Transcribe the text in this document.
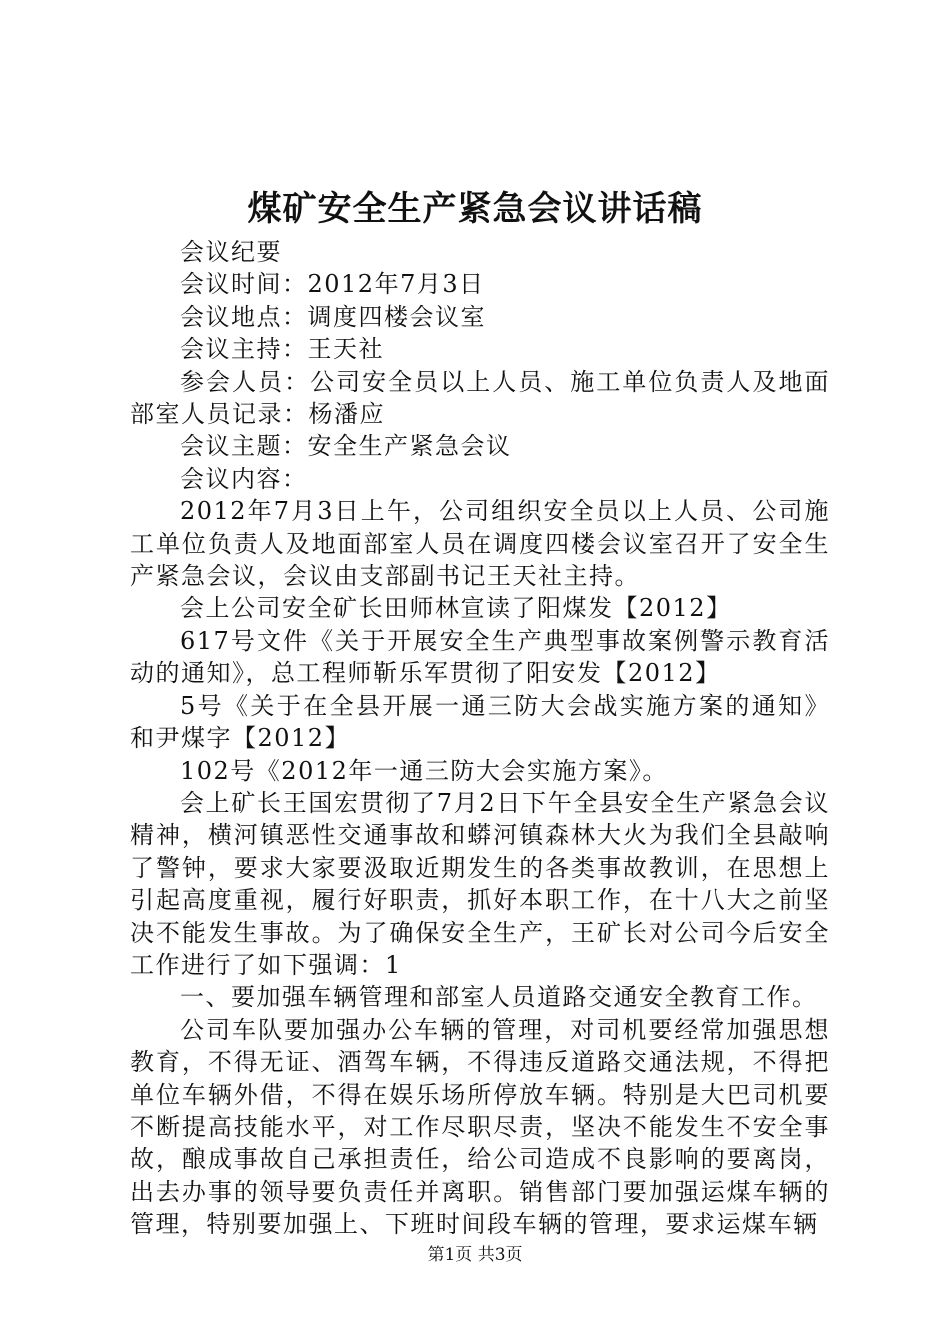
煤矿安全生产紧急会议讲话稿

会议纪要

会议时间：2012年7月3日

会议地点：调度四楼会议室

会议主持：王天社

参会人员：公司安全员以上人员、施工单位负责人及地面部室人员记录：杨潘应

会议主题：安全生产紧急会议

会议内容：

2012年7月3日上午，公司组织安全员以上人员、公司施工单位负责人及地面部室人员在调度四楼会议室召开了安全生产紧急会议，会议由支部副书记王天社主持。

会上公司安全矿长田师林宣读了阳煤发【2012】

617号文件《关于开展安全生产典型事故案例警示教育活动的通知》，总工程师靳乐军贯彻了阳安发【2012】

5号《关于在全县开展一通三防大会战实施方案的通知》和尹煤字【2012】

102号《2012年一通三防大会实施方案》。

会上矿长王国宏贯彻了7月2日下午全县安全生产紧急会议精神，横河镇恶性交通事故和蟒河镇森林大火为我们全县敲响了警钟，要求大家要汲取近期发生的各类事故教训，在思想上引起高度重视，履行好职责，抓好本职工作，在十八大之前坚决不能发生事故。为了确保安全生产，王矿长对公司今后安全工作进行了如下强调：1

一、要加强车辆管理和部室人员道路交通安全教育工作。

公司车队要加强办公车辆的管理，对司机要经常加强思想教育，不得无证、酒驾车辆，不得违反道路交通法规，不得把单位车辆外借，不得在娱乐场所停放车辆。特别是大巴司机要不断提高技能水平，对工作尽职尽责，坚决不能发生不安全事故，酿成事故自己承担责任，给公司造成不良影响的要离岗，出去办事的领导要负责任并离职。销售部门要加强运煤车辆的管理，特别要加强上、下班时间段车辆的管理，要求运煤车辆

第1页 共3页
